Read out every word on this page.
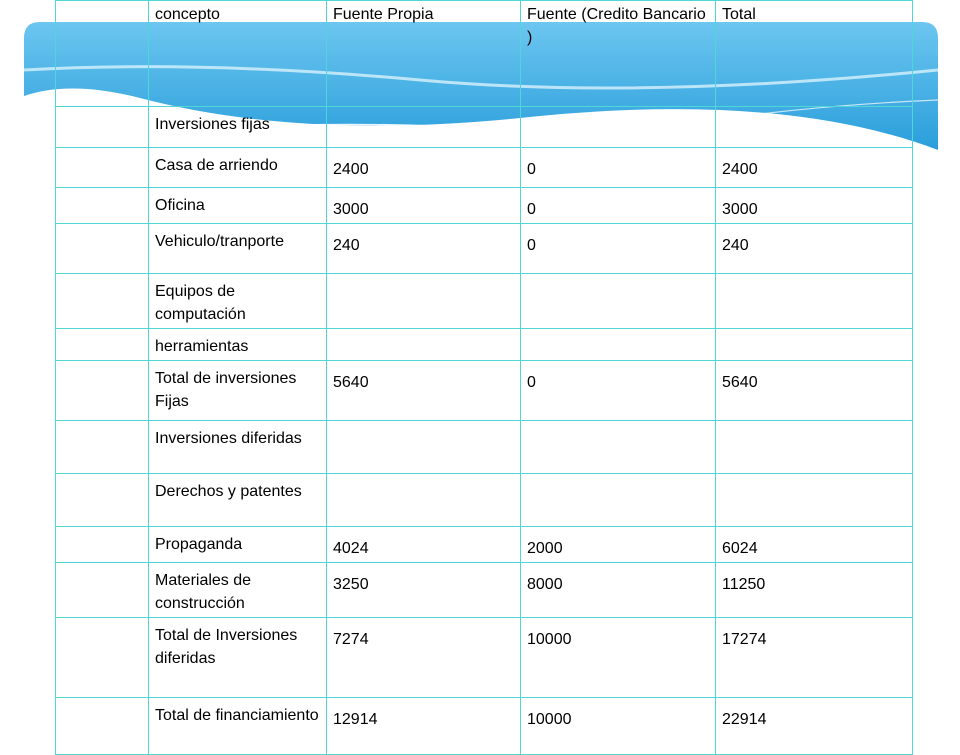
	concepto	Fuente Propia	Fuente (Credito Bancario )	Total
	Inversiones fijas			
	Casa de arriendo	2400	0	2400
	Oficina	3000	0	3000
	Vehiculo/tranporte	240	0	240
	Equipos de computación			
	herramientas			
	Total de inversiones Fijas	5640	0	5640
	Inversiones diferidas			
	Derechos y patentes			
	Propaganda	4024	2000	6024
	Materiales de construcción	3250	8000	11250
	Total de Inversiones diferidas	7274	10000	17274
	Total de financiamiento	12914	10000	22914
